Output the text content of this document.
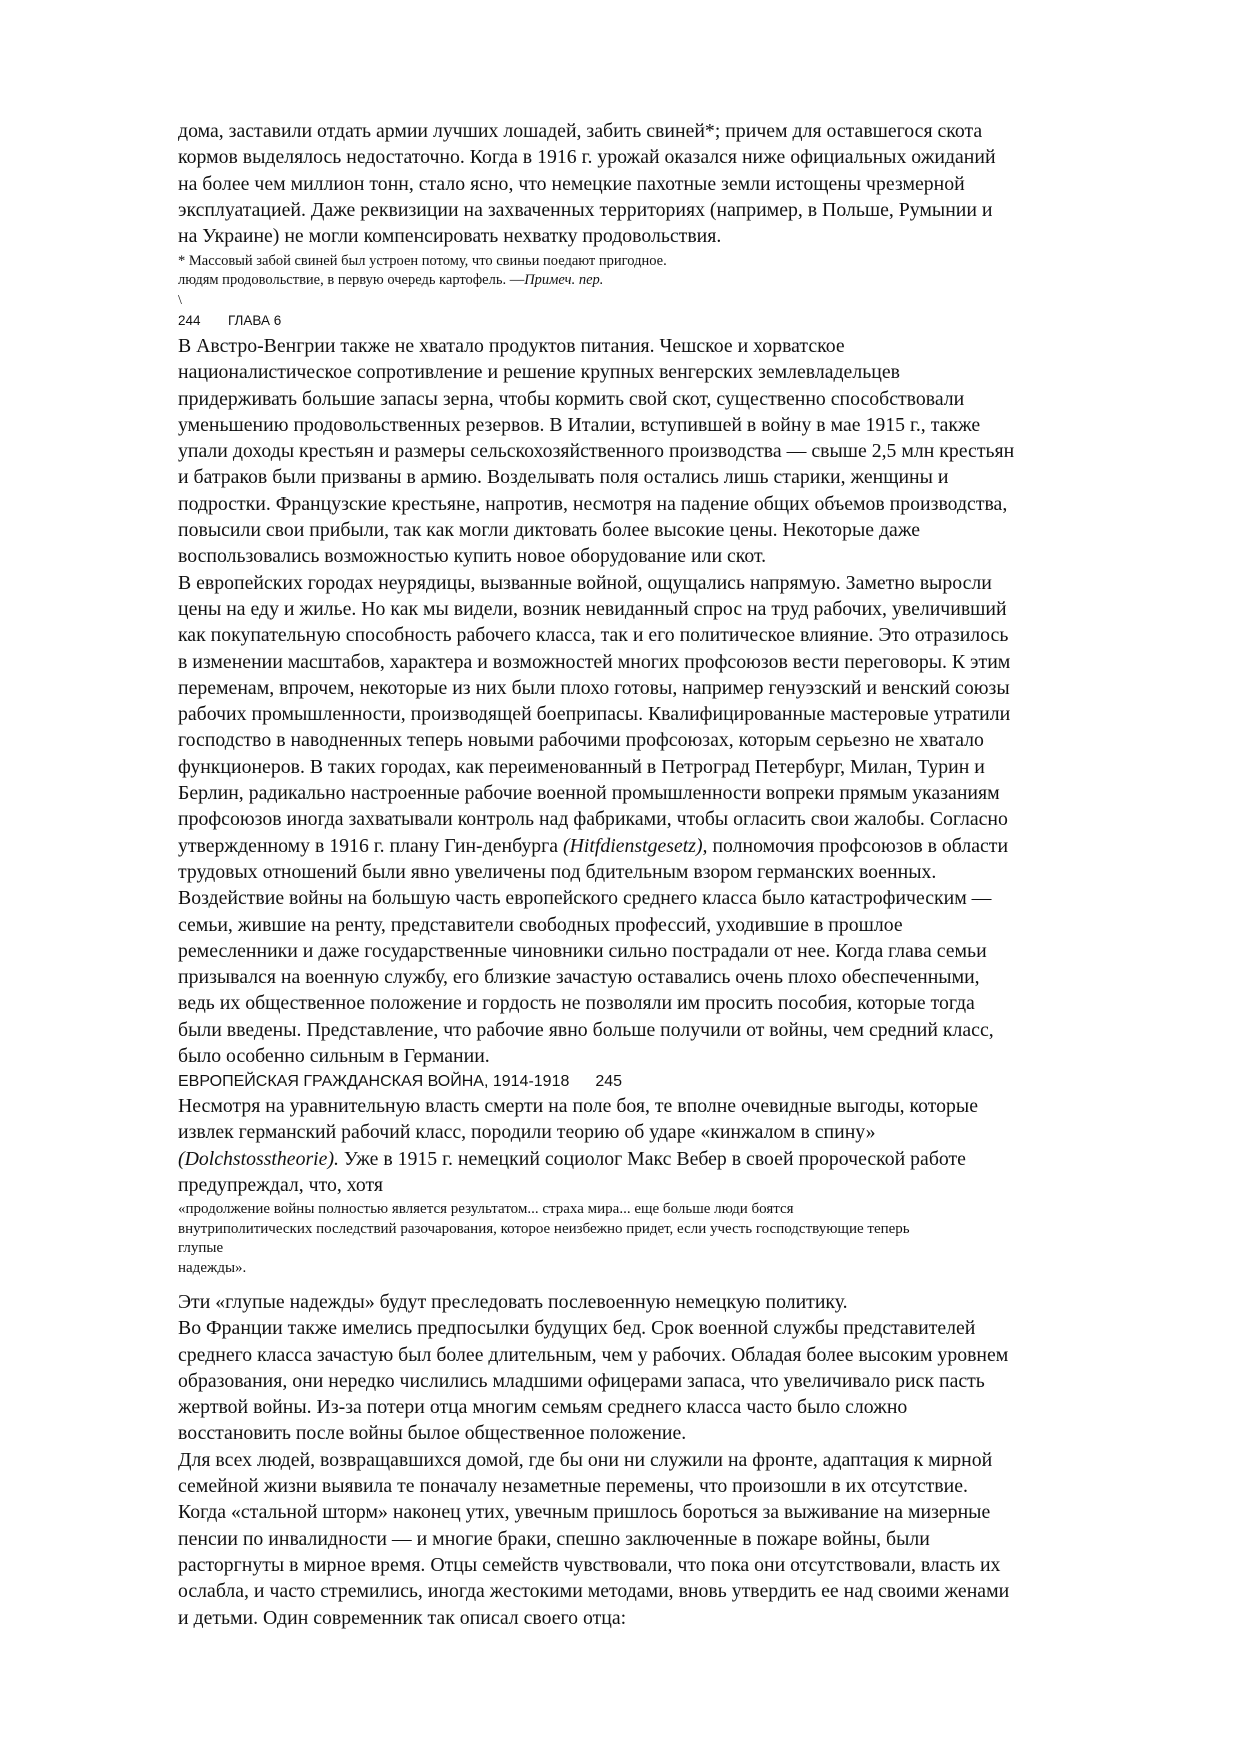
дома, заставили отдать армии лучших лошадей, забить свиней*; причем для оставшегося скота
кормов выделялось недостаточно. Когда в 1916 г. урожай оказался ниже официальных ожиданий
на более чем миллион тонн, стало ясно, что немецкие пахотные земли истощены чрезмерной
эксплуатацией. Даже реквизиции на захваченных территориях (например, в Польше, Румынии и
на Украине) не могли компенсировать нехватку продовольствия.
* Массовый забой свиней был устроен потому, что свиньи поедают пригодное.
людям продовольствие, в первую очередь картофель. —Примеч. пер.
\
244 ГЛАВА 6
В Австро-Венгрии также не хватало продуктов питания. Чешское и хорватское
националистическое сопротивление и решение крупных венгерских землевладельцев
придерживать большие запасы зерна, чтобы кормить свой скот, существенно способствовали
уменьшению продовольственных резервов. В Италии, вступившей в войну в мае 1915 г., также
упали доходы крестьян и размеры сельскохозяйственного производства — свыше 2,5 млн крестьян
и батраков были призваны в армию. Возделывать поля остались лишь старики, женщины и
подростки. Французские крестьяне, напротив, несмотря на падение общих объемов производства,
повысили свои прибыли, так как могли диктовать более высокие цены. Некоторые даже
воспользовались возможностью купить новое оборудование или скот.
В европейских городах неурядицы, вызванные войной, ощущались напрямую. Заметно выросли
цены на еду и жилье. Но как мы видели, возник невиданный спрос на труд рабочих, увеличивший
как покупательную способность рабочего класса, так и его политическое влияние. Это отразилось
в изменении масштабов, характера и возможностей многих профсоюзов вести переговоры. К этим
переменам, впрочем, некоторые из них были плохо готовы, например генуэзский и венский союзы
рабочих промышленности, производящей боеприпасы. Квалифицированные мастеровые утратили
господство в наводненных теперь новыми рабочими профсоюзах, которым серьезно не хватало
функционеров. В таких городах, как переименованный в Петроград Петербург, Милан, Турин и
Берлин, радикально настроенные рабочие военной промышленности вопреки прямым указаниям
профсоюзов иногда захватывали контроль над фабриками, чтобы огласить свои жалобы. Согласно
утвержденному в 1916 г. плану Гин-денбурга (Hitfdienstgesetz), полномочия профсоюзов в области
трудовых отношений были явно увеличены под бдительным взором германских военных.
Воздействие войны на большую часть европейского среднего класса было катастрофическим —
семьи, жившие на ренту, представители свободных профессий, уходившие в прошлое
ремесленники и даже государственные чиновники сильно пострадали от нее. Когда глава семьи
призывался на военную службу, его близкие зачастую оставались очень плохо обеспеченными,
ведь их общественное положение и гордость не позволяли им просить пособия, которые тогда
были введены. Представление, что рабочие явно больше получили от войны, чем средний класс,
было особенно сильным в Германии.
ЕВРОПЕЙСКАЯ ГРАЖДАНСКАЯ ВОЙНА, 1914-1918 245
Несмотря на уравнительную власть смерти на поле боя, те вполне очевидные выгоды, которые
извлек германский рабочий класс, породили теорию об ударе «кинжалом в спину»
(Dolchstosstheorie). Уже в 1915 г. немецкий социолог Макс Вебер в своей пророческой работе
предупреждал, что, хотя
«продолжение войны полностью является результатом... страха мира... еще больше люди боятся
внутриполитических последствий разочарования, которое неизбежно придет, если учесть господствующие теперь
глупые
надежды».
Эти «глупые надежды» будут преследовать послевоенную немецкую политику.
Во Франции также имелись предпосылки будущих бед. Срок военной службы представителей
среднего класса зачастую был более длительным, чем у рабочих. Обладая более высоким уровнем
образования, они нередко числились младшими офицерами запаса, что увеличивало риск пасть
жертвой войны. Из-за потери отца многим семьям среднего класса часто было сложно
восстановить после войны былое общественное положение.
Для всех людей, возвращавшихся домой, где бы они ни служили на фронте, адаптация к мирной
семейной жизни выявила те поначалу незаметные перемены, что произошли в их отсутствие.
Когда «стальной шторм» наконец утих, увечным пришлось бороться за выживание на мизерные
пенсии по инвалидности — и многие браки, спешно заключенные в пожаре войны, были
расторгнуты в мирное время. Отцы семейств чувствовали, что пока они отсутствовали, власть их
ослабла, и часто стремились, иногда жестокими методами, вновь утвердить ее над своими женами
и детьми. Один современник так описал своего отца:
